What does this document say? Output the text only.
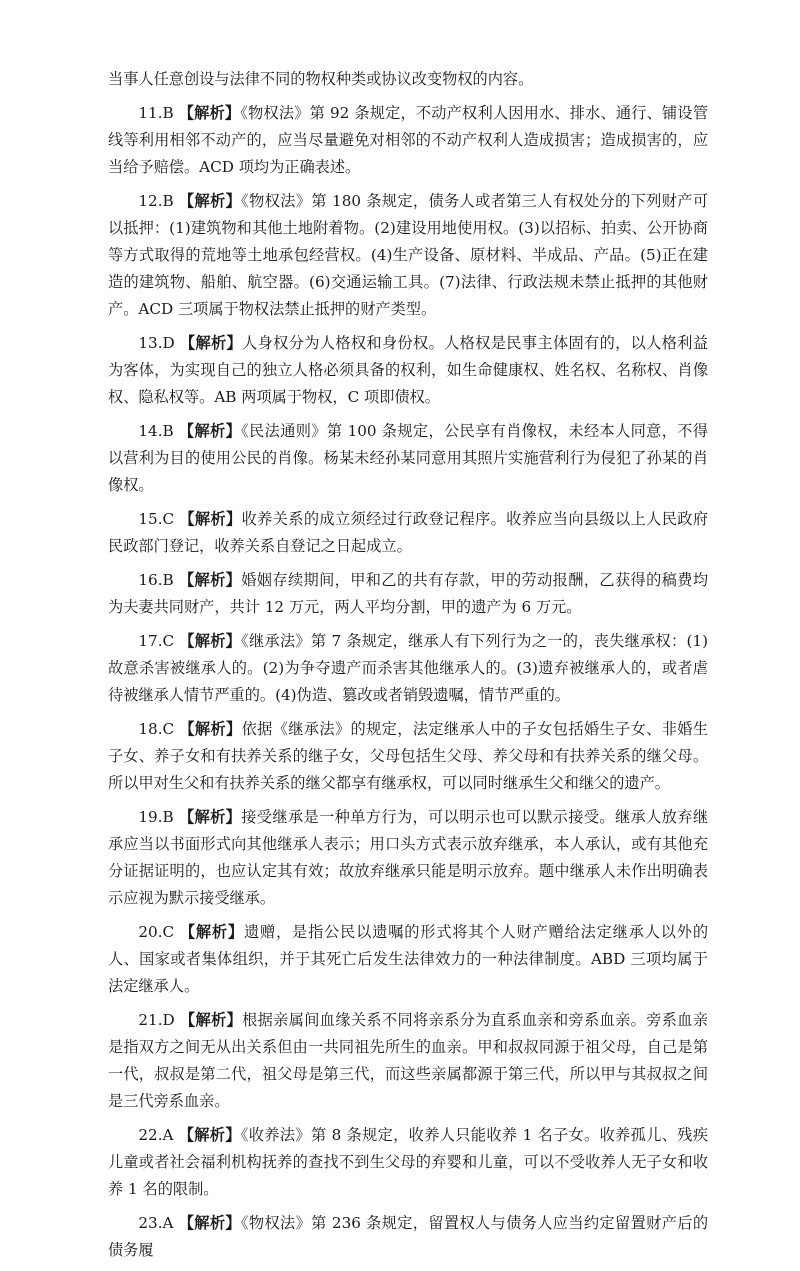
当事人任意创设与法律不同的物权种类或协议改变物权的内容。

11.B 【解析】《物权法》第 92 条规定，不动产权利人因用水、排水、通行、铺设管线等利用相邻不动产的，应当尽量避免对相邻的不动产权利人造成损害；造成损害的，应当给予赔偿。ACD 项均为正确表述。

12.B 【解析】《物权法》第 180 条规定，债务人或者第三人有权处分的下列财产可以抵押：(1)建筑物和其他土地附着物。(2)建设用地使用权。(3)以招标、拍卖、公开协商等方式取得的荒地等土地承包经营权。(4)生产设备、原材料、半成品、产品。(5)正在建造的建筑物、船舶、航空器。(6)交通运输工具。(7)法律、行政法规未禁止抵押的其他财产。ACD 三项属于物权法禁止抵押的财产类型。

13.D 【解析】人身权分为人格权和身份权。人格权是民事主体固有的，以人格利益为客体，为实现自己的独立人格必须具备的权利，如生命健康权、姓名权、名称权、肖像权、隐私权等。AB 两项属于物权，C 项即债权。

14.B 【解析】《民法通则》第 100 条规定，公民享有肖像权，未经本人同意，不得以营利为目的使用公民的肖像。杨某未经孙某同意用其照片实施营利行为侵犯了孙某的肖像权。

15.C 【解析】收养关系的成立须经过行政登记程序。收养应当向县级以上人民政府民政部门登记，收养关系自登记之日起成立。

16.B 【解析】婚姻存续期间，甲和乙的共有存款，甲的劳动报酬，乙获得的稿费均为夫妻共同财产，共计 12 万元，两人平均分割，甲的遗产为 6 万元。

17.C 【解析】《继承法》第 7 条规定，继承人有下列行为之一的，丧失继承权：(1)故意杀害被继承人的。(2)为争夺遗产而杀害其他继承人的。(3)遗弃被继承人的，或者虐待被继承人情节严重的。(4)伪造、篡改或者销毁遗嘱，情节严重的。

18.C 【解析】依据《继承法》的规定，法定继承人中的子女包括婚生子女、非婚生子女、养子女和有扶养关系的继子女，父母包括生父母、养父母和有扶养关系的继父母。所以甲对生父和有扶养关系的继父都享有继承权，可以同时继承生父和继父的遗产。

19.B 【解析】接受继承是一种单方行为，可以明示也可以默示接受。继承人放弃继承应当以书面形式向其他继承人表示；用口头方式表示放弃继承，本人承认，或有其他充分证据证明的，也应认定其有效；故放弃继承只能是明示放弃。题中继承人未作出明确表示应视为默示接受继承。

20.C 【解析】遗赠，是指公民以遗嘱的形式将其个人财产赠给法定继承人以外的人、国家或者集体组织，并于其死亡后发生法律效力的一种法律制度。ABD 三项均属于法定继承人。

21.D 【解析】根据亲属间血缘关系不同将亲系分为直系血亲和旁系血亲。旁系血亲是指双方之间无从出关系但由一共同祖先所生的血亲。甲和叔叔同源于祖父母，自己是第一代，叔叔是第二代，祖父母是第三代，而这些亲属都源于第三代，所以甲与其叔叔之间是三代旁系血亲。

22.A 【解析】《收养法》第 8 条规定，收养人只能收养 1 名子女。收养孤儿、残疾儿童或者社会福利机构抚养的查找不到生父母的弃婴和儿童，可以不受收养人无子女和收养 1 名的限制。

23.A 【解析】《物权法》第 236 条规定，留置权人与债务人应当约定留置财产后的债务履
